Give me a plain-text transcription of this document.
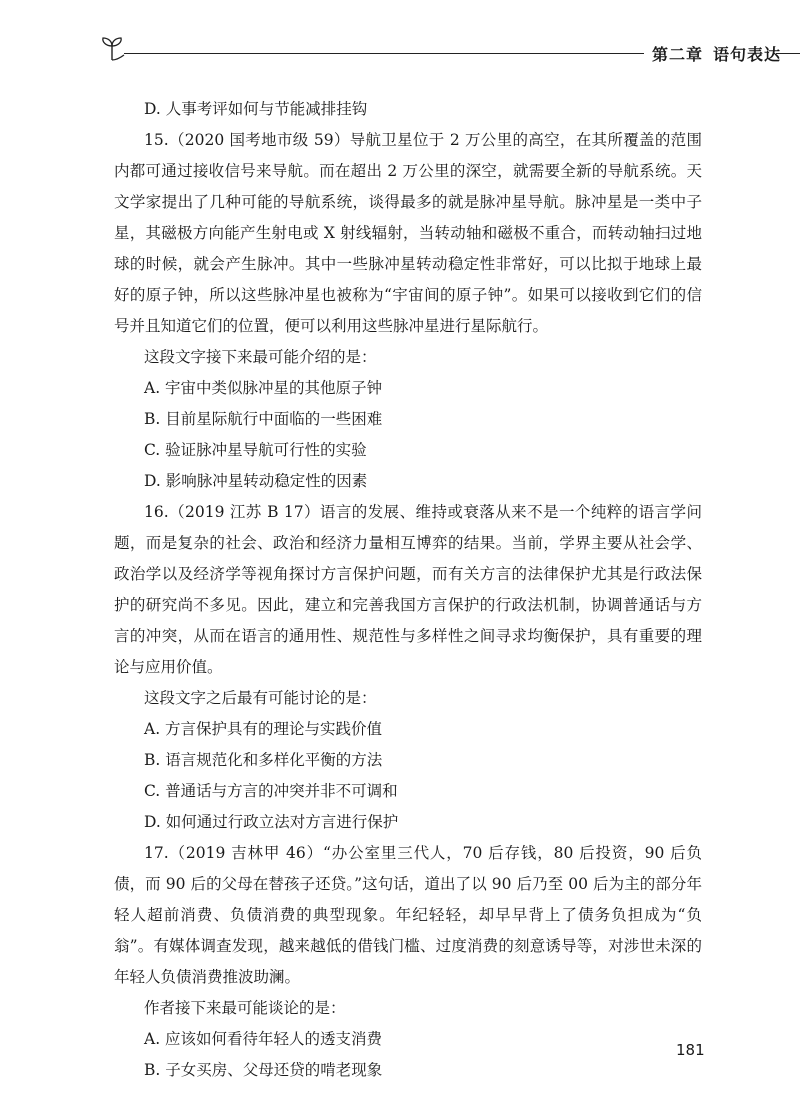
第二章 语句表达

D. 人事考评如何与节能减排挂钩

15.（2020 国考地市级 59）导航卫星位于 2 万公里的高空，在其所覆盖的范围内都可通过接收信号来导航。而在超出 2 万公里的深空，就需要全新的导航系统。天文学家提出了几种可能的导航系统，谈得最多的就是脉冲星导航。脉冲星是一类中子星，其磁极方向能产生射电或 X 射线辐射，当转动轴和磁极不重合，而转动轴扫过地球的时候，就会产生脉冲。其中一些脉冲星转动稳定性非常好，可以比拟于地球上最好的原子钟，所以这些脉冲星也被称为“宇宙间的原子钟”。如果可以接收到它们的信号并且知道它们的位置，便可以利用这些脉冲星进行星际航行。

这段文字接下来最可能介绍的是：

A. 宇宙中类似脉冲星的其他原子钟

B. 目前星际航行中面临的一些困难

C. 验证脉冲星导航可行性的实验

D. 影响脉冲星转动稳定性的因素

16.（2019 江苏 B 17）语言的发展、维持或衰落从来不是一个纯粹的语言学问题，而是复杂的社会、政治和经济力量相互博弈的结果。当前，学界主要从社会学、政治学以及经济学等视角探讨方言保护问题，而有关方言的法律保护尤其是行政法保护的研究尚不多见。因此，建立和完善我国方言保护的行政法机制，协调普通话与方言的冲突，从而在语言的通用性、规范性与多样性之间寻求均衡保护，具有重要的理论与应用价值。

这段文字之后最有可能讨论的是：

A. 方言保护具有的理论与实践价值

B. 语言规范化和多样化平衡的方法

C. 普通话与方言的冲突并非不可调和

D. 如何通过行政立法对方言进行保护

17.（2019 吉林甲 46）“办公室里三代人，70 后存钱，80 后投资，90 后负债，而 90 后的父母在替孩子还贷。”这句话，道出了以 90 后乃至 00 后为主的部分年轻人超前消费、负债消费的典型现象。年纪轻轻，却早早背上了债务负担成为“负翁”。有媒体调查发现，越来越低的借钱门槛、过度消费的刻意诱导等，对涉世未深的年轻人负债消费推波助澜。

作者接下来最可能谈论的是：

A. 应该如何看待年轻人的透支消费

B. 子女买房、父母还贷的啃老现象

181
